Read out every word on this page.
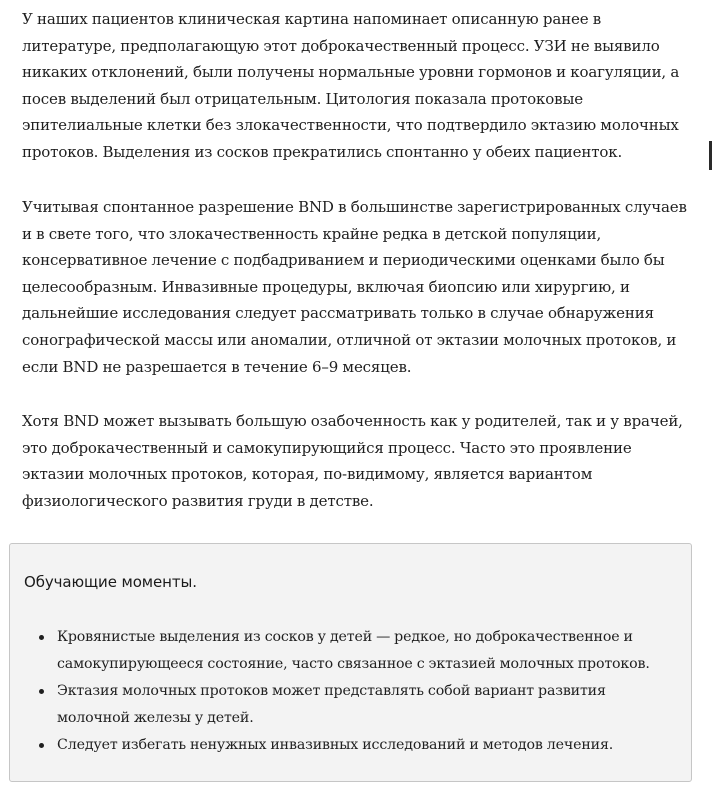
У наших пациентов клиническая картина напоминает описанную ранее в литературе, предполагающую этот доброкачественный процесс. УЗИ не выявило никаких отклонений, были получены нормальные уровни гормонов и коагуляции, а посев выделений был отрицательным. Цитология показала протоковые эпителиальные клетки без злокачественности, что подтвердило эктазию молочных протоков. Выделения из сосков прекратились спонтанно у обеих пациенток.

Учитывая спонтанное разрешение BND в большинстве зарегистрированных случаев и в свете того, что злокачественность крайне редка в детской популяции, консервативное лечение с подбадриванием и периодическими оценками было бы целесообразным. Инвазивные процедуры, включая биопсию или хирургию, и дальнейшие исследования следует рассматривать только в случае обнаружения сонографической массы или аномалии, отличной от эктазии молочных протоков, и если BND не разрешается в течение 6–9 месяцев.

Хотя BND может вызывать большую озабоченность как у родителей, так и у врачей, это доброкачественный и самокупирующийся процесс. Часто это проявление эктазии молочных протоков, которая, по-видимому, является вариантом физиологического развития груди в детстве.

Обучающие моменты.
Кровянистые выделения из сосков у детей — редкое, но доброкачественное и самокупирующееся состояние, часто связанное с эктазией молочных протоков.
Эктазия молочных протоков может представлять собой вариант развития молочной железы у детей.
Следует избегать ненужных инвазивных исследований и методов лечения.
